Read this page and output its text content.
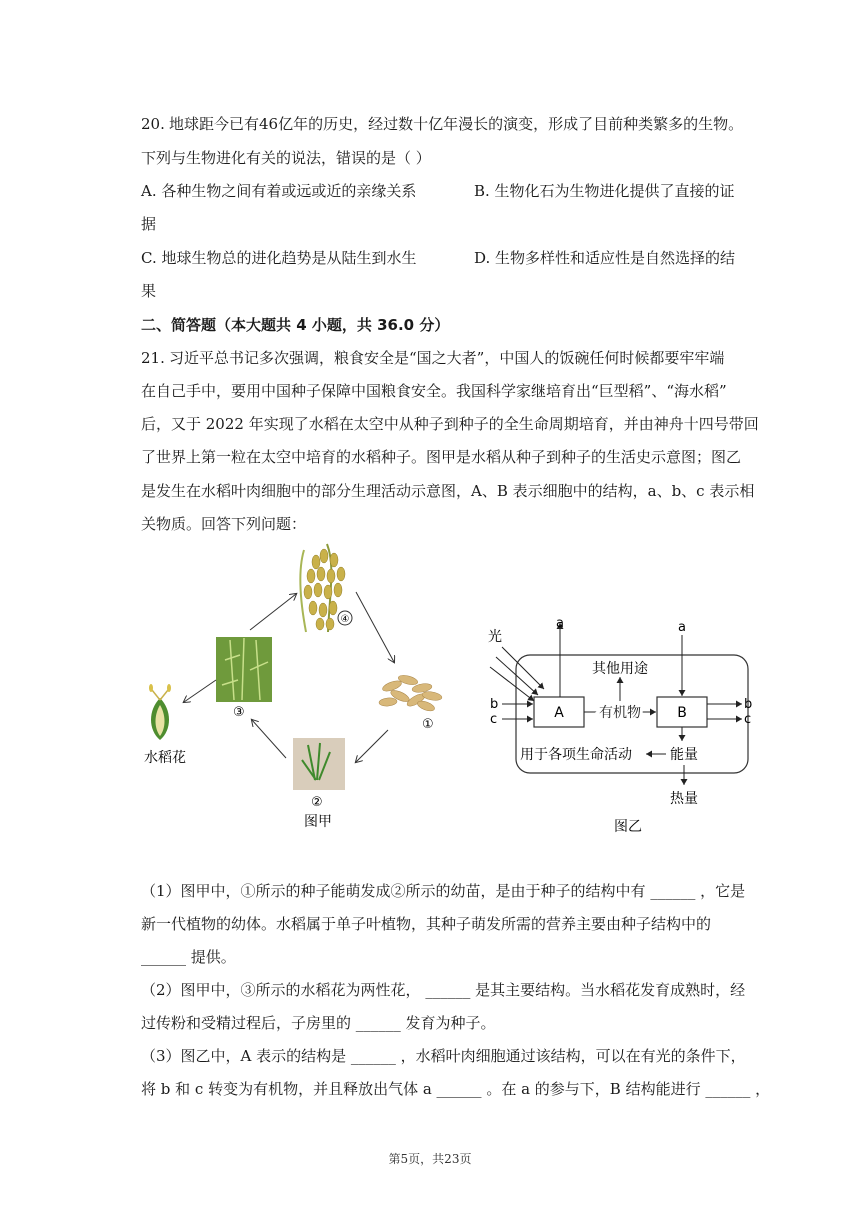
20. 地球距今已有46亿年的历史，经过数十亿年漫长的演变，形成了目前种类繁多的生物。
下列与生物进化有关的说法，错误的是（ ）
A. 各种生物之间有着或远或近的亲缘关系	B. 生物化石为生物进化提供了直接的证
据
C. 地球生物总的进化趋势是从陆生到水生	D. 生物多样性和适应性是自然选择的结
果
二、简答题（本大题共 4 小题，共 36.0 分）
21. 习近平总书记多次强调，粮食安全是“国之大者”，中国人的饭碗任何时候都要牢牢端
在自己手中，要用中国种子保障中国粮食安全。我国科学家继培育出“巨型稻”、“海水稻”
后，又于 2022 年实现了水稻在太空中从种子到种子的全生命周期培育，并由神舟十四号带回
了世界上第一粒在太空中培育的水稻种子。图甲是水稻从种子到种子的生活史示意图；图乙
是发生在水稻叶肉细胞中的部分生理活动示意图，A、B 表示细胞中的结构，a、b、c 表示相
关物质。回答下列问题：
④
③
水稻花
①
②
图甲
A	B
光
b
c
a
有机物
其他用途
a
b
c
能量
用于各项生命活动
热量
图乙
（1）图甲中，①所示的种子能萌发成②所示的幼苗，是由于种子的结构中有 ______ ，它是
新一代植物的幼体。水稻属于单子叶植物，其种子萌发所需的营养主要由种子结构中的
______ 提供。
（2）图甲中，③所示的水稻花为两性花， ______ 是其主要结构。当水稻花发育成熟时，经
过传粉和受精过程后，子房里的 ______ 发育为种子。
（3）图乙中，A 表示的结构是 ______ ，水稻叶肉细胞通过该结构，可以在有光的条件下，
将 b 和 c 转变为有机物，并且释放出气体 a ______ 。在 a 的参与下，B 结构能进行 ______ ，
第5页，共23页
